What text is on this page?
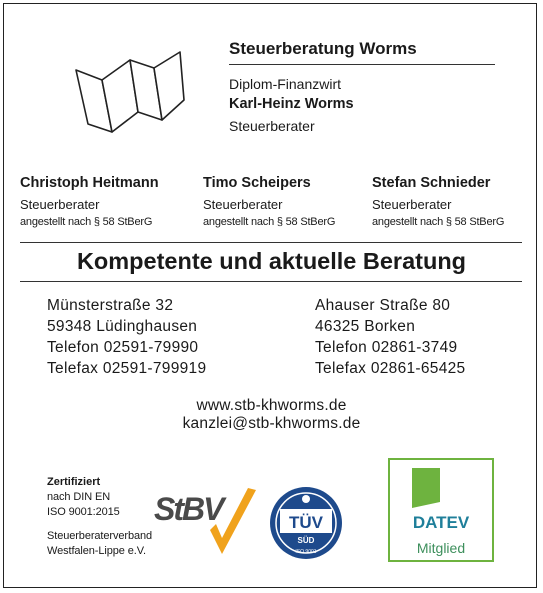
Steuerberatung Worms
Diplom-Finanzwirt
Karl-Heinz Worms
Steuerberater
Christoph Heitmann
Steuerberater
angestellt nach § 58 StBerG
Timo Scheipers
Steuerberater
angestellt nach § 58 StBerG
Stefan Schnieder
Steuerberater
angestellt nach § 58 StBerG
Kompetente und aktuelle Beratung
Münsterstraße 32
59348 Lüdinghausen
Telefon 02591-79990
Telefax 02591-799919
Ahauser Straße 80
46325 Borken
Telefon 02861-3749
Telefax 02861-65425
www.stb-khworms.de
kanzlei@stb-khworms.de
Zertifiziert
nach DIN EN
ISO 9001:2015
Steuerberaterverband
Westfalen-Lippe e.V.
StBV	TÜV
SÜD
ISO 9001
DATEV
Mitglied
